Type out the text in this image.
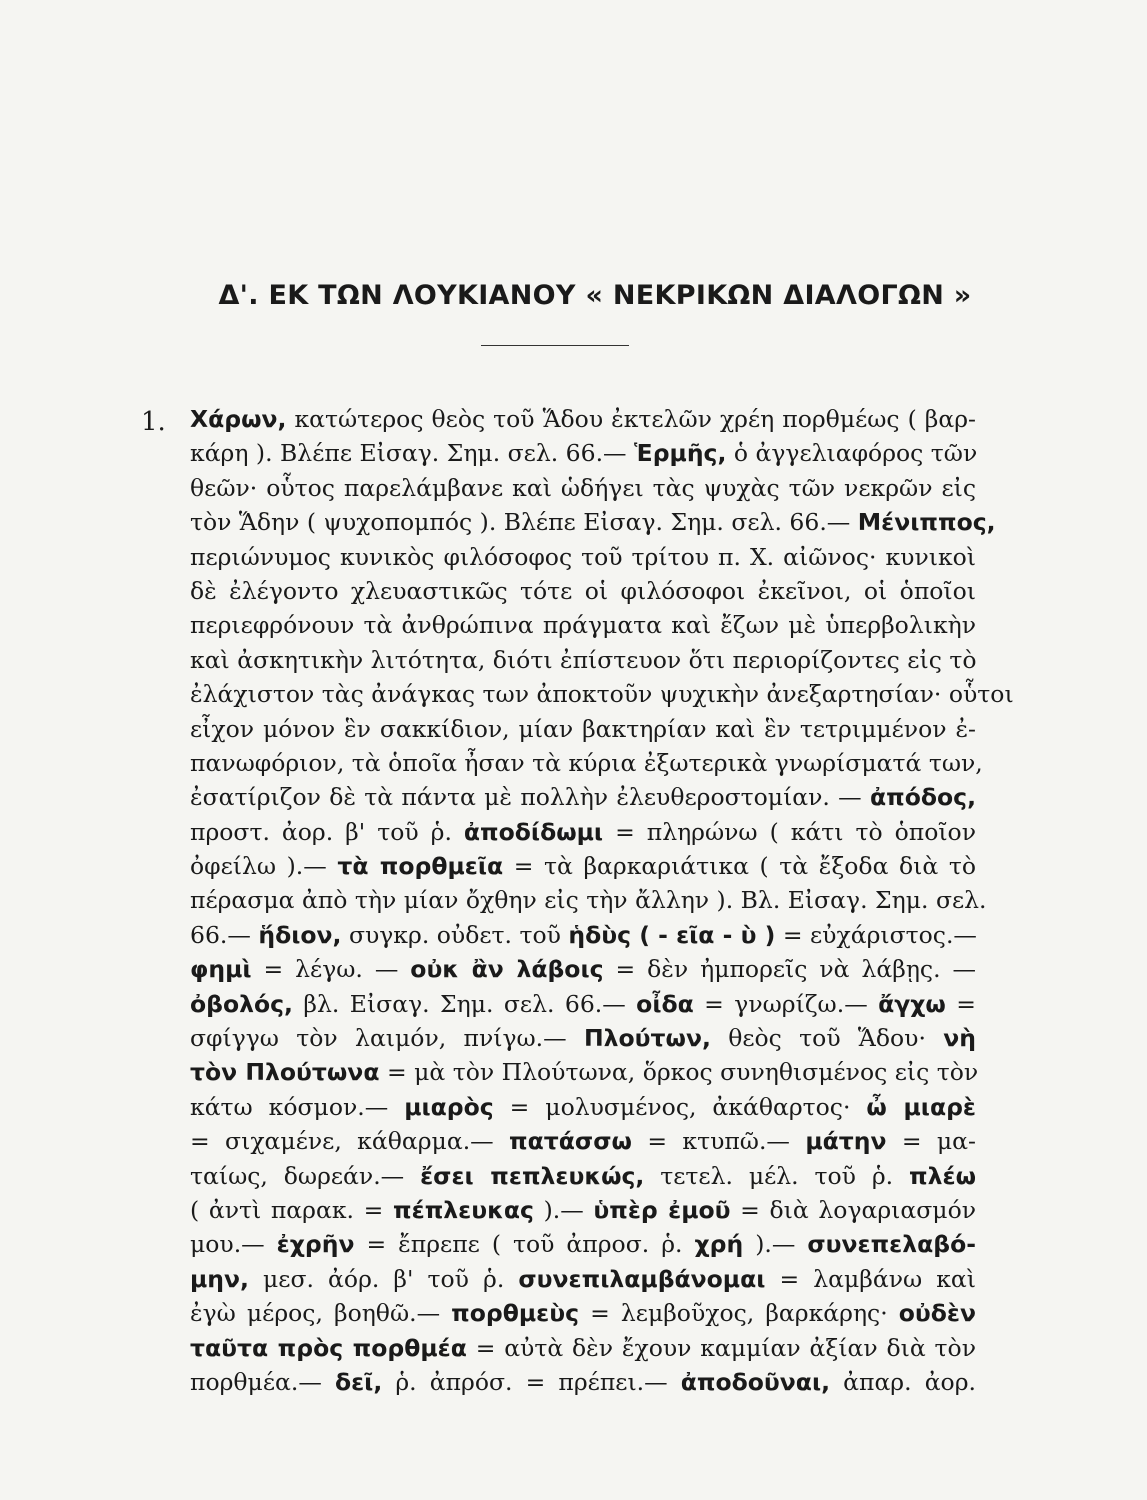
Δ'. ΕΚ ΤΩΝ ΛΟΥΚΙΑΝΟΥ « ΝΕΚΡΙΚΩΝ ΔΙΑΛΟΓΩΝ »
1. Χάρων, κατώτερος θεὸς τοῦ Ἅδου ἐκτελῶν χρέη πορθμέως ( βαρ-
κάρη ). Βλέπε Εἰσαγ. Σημ. σελ. 66.— Ἑρμῆς, ὁ ἀγγελιαφόρος τῶν
θεῶν· οὗτος παρελάμβανε καὶ ὡδήγει τὰς ψυχὰς τῶν νεκρῶν εἰς
τὸν Ἅδην ( ψυχοπομπός ). Βλέπε Εἰσαγ. Σημ. σελ. 66.— Μένιππος,
περιώνυμος κυνικὸς φιλόσοφος τοῦ τρίτου π. Χ. αἰῶνος· κυνικοὶ
δὲ ἐλέγοντο χλευαστικῶς τότε οἱ φιλόσοφοι ἐκεῖνοι, οἱ ὁποῖοι
περιεφρόνουν τὰ ἀνθρώπινα πράγματα καὶ ἔζων μὲ ὑπερβολικὴν
καὶ ἀσκητικὴν λιτότητα, διότι ἐπίστευον ὅτι περιορίζοντες εἰς τὸ
ἐλάχιστον τὰς ἀνάγκας των ἀποκτοῦν ψυχικὴν ἀνεξαρτησίαν· οὗτοι
εἶχον μόνον ἓν σακκίδιον, μίαν βακτηρίαν καὶ ἓν τετριμμένον ἐ-
πανωφόριον, τὰ ὁποῖα ἦσαν τὰ κύρια ἐξωτερικὰ γνωρίσματά των,
ἐσατίριζον δὲ τὰ πάντα μὲ πολλὴν ἐλευθεροστομίαν. — ἀπόδος,
προστ. ἀορ. β' τοῦ ῥ. ἀποδίδωμι = πληρώνω ( κάτι τὸ ὁποῖον
ὀφείλω ).— τὰ πορθμεῖα = τὰ βαρκαριάτικα ( τὰ ἔξοδα διὰ τὸ
πέρασμα ἀπὸ τὴν μίαν ὄχθην εἰς τὴν ἄλλην ). Βλ. Εἰσαγ. Σημ. σελ.
66.— ἥδιον, συγκρ. οὐδετ. τοῦ ἡδὺς ( - εῖα - ὺ ) = εὐχάριστος.—
φημὶ = λέγω. — οὐκ ἂν λάβοις = δὲν ἠμπορεῖς νὰ λάβῃς. —
ὀβολός, βλ. Εἰσαγ. Σημ. σελ. 66.— οἶδα = γνωρίζω.— ἄγχω =
σφίγγω τὸν λαιμόν, πνίγω.— Πλούτων, θεὸς τοῦ Ἅδου· νὴ
τὸν Πλούτωνα = μὰ τὸν Πλούτωνα, ὅρκος συνηθισμένος εἰς τὸν
κάτω κόσμον.— μιαρὸς = μολυσμένος, ἀκάθαρτος· ὦ μιαρὲ
= σιχαμένε, κάθαρμα.— πατάσσω = κτυπῶ.— μάτην = μα-
ταίως, δωρεάν.— ἔσει πεπλευκώς, τετελ. μέλ. τοῦ ῥ. πλέω
( ἀντὶ παρακ. = πέπλευκας ).— ὑπὲρ ἐμοῦ = διὰ λογαριασμόν
μου.— ἐχρῆν = ἔπρεπε ( τοῦ ἀπροσ. ῥ. χρή ).— συνεπελαβό-
μην, μεσ. ἀόρ. β' τοῦ ῥ. συνεπιλαμβάνομαι = λαμβάνω καὶ
ἐγὼ μέρος, βοηθῶ.— πορθμεὺς = λεμβοῦχος, βαρκάρης· οὐδὲν
ταῦτα πρὸς πορθμέα = αὐτὰ δὲν ἔχουν καμμίαν ἀξίαν διὰ τὸν
πορθμέα.— δεῖ, ῥ. ἀπρόσ. = πρέπει.— ἀποδοῦναι, ἀπαρ. ἀορ.
